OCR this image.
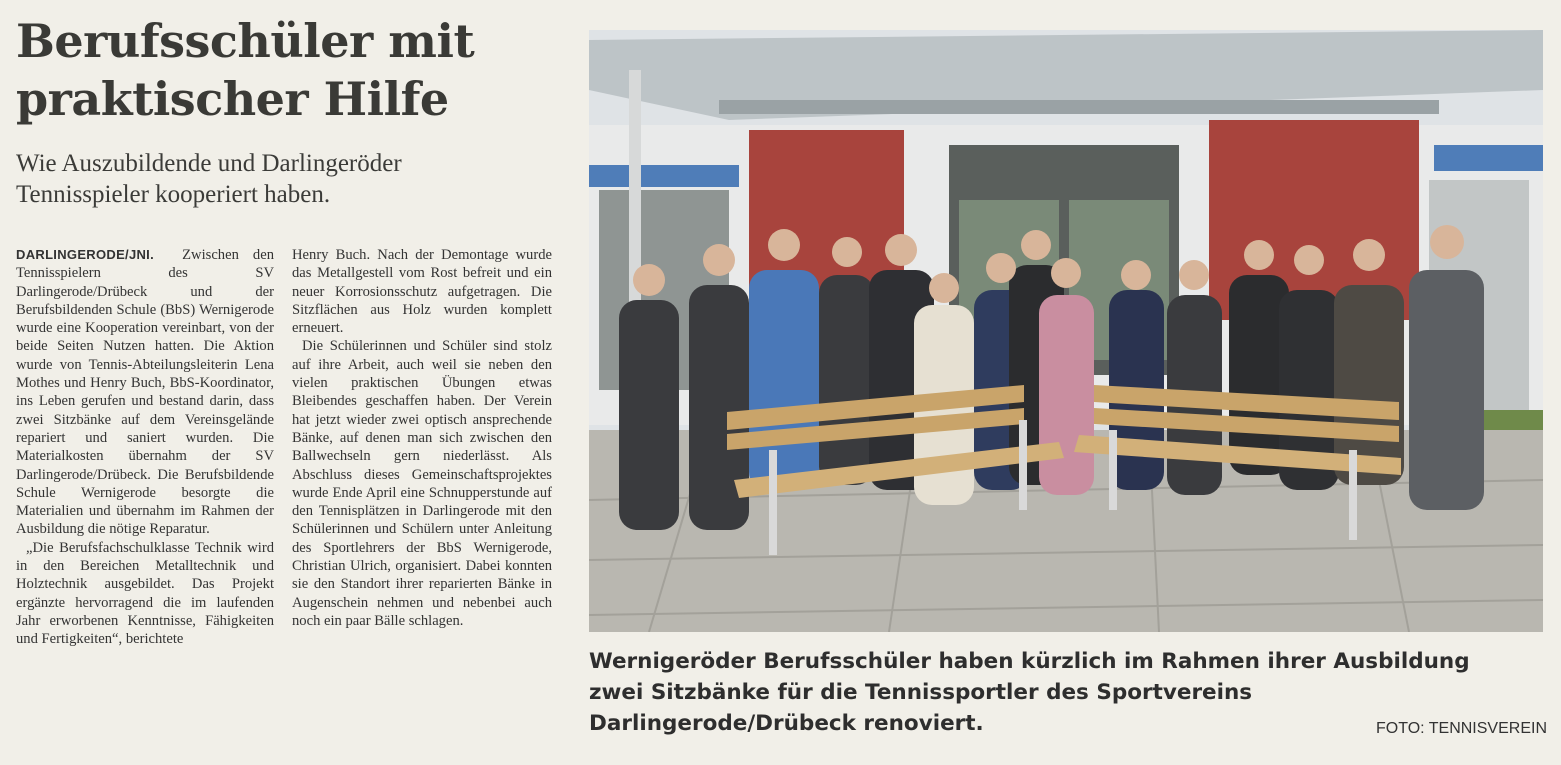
Berufsschüler mit
praktischer Hilfe

Wie Auszubildende und Darlingeröder
Tennisspieler kooperiert haben.

DARLINGERODE/JNI. Zwischen den Tennisspielern des SV Darlingerode/Drübeck und der Berufsbildenden Schule (BbS) Wernigerode wurde eine Kooperation vereinbart, von der beide Seiten Nutzen hatten. Die Aktion wurde von Tennis-Abteilungsleiterin Lena Mothes und Henry Buch, BbS-Koordinator, ins Leben gerufen und bestand darin, dass zwei Sitzbänke auf dem Vereinsgelände repariert und saniert wurden. Die Materialkosten übernahm der SV Darlingerode/Drübeck. Die Berufsbildende Schule Wernigerode besorgte die Materialien und übernahm im Rahmen der Ausbildung die nötige Reparatur.

„Die Berufsfachschulklasse Technik wird in den Bereichen Metalltechnik und Holztechnik ausgebildet. Das Projekt ergänzte hervorragend die im laufenden Jahr erworbenen Kenntnisse, Fähigkeiten und Fertigkeiten“, berichtete

Henry Buch. Nach der Demontage wurde das Metallgestell vom Rost befreit und ein neuer Korrosionsschutz aufgetragen. Die Sitzflächen aus Holz wurden komplett erneuert.

Die Schülerinnen und Schüler sind stolz auf ihre Arbeit, auch weil sie neben den vielen praktischen Übungen etwas Bleibendes geschaffen haben. Der Verein hat jetzt wieder zwei optisch ansprechende Bänke, auf denen man sich zwischen den Ballwechseln gern niederlässt. Als Abschluss dieses Gemeinschaftsprojektes wurde Ende April eine Schnupperstunde auf den Tennisplätzen in Darlingerode mit den Schülerinnen und Schülern unter Anleitung des Sportlehrers der BbS Wernigerode, Christian Ulrich, organisiert. Dabei konnten sie den Standort ihrer reparierten Bänke in Augenschein nehmen und nebenbei auch noch ein paar Bälle schlagen.

Wernigeröder Berufsschüler haben kürzlich im Rahmen ihrer Ausbildung zwei Sitzbänke für die Tennissportler des Sportvereins Darlingerode/Drübeck renoviert.	FOTO: TENNISVEREIN
